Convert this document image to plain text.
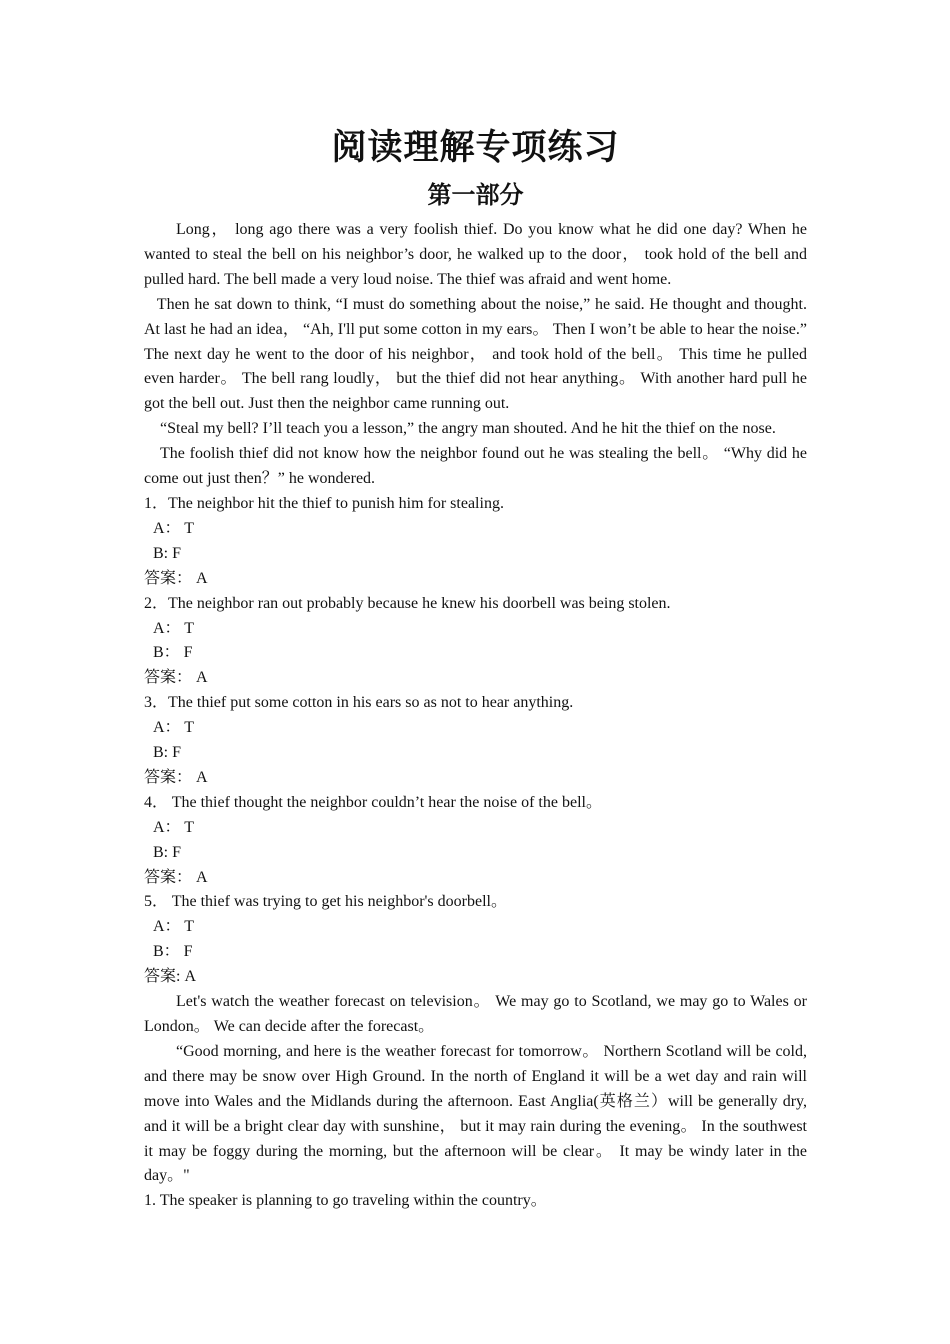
阅读理解专项练习
第一部分

Long， long ago there was a very foolish thief. Do you know what he did one day? When he wanted to steal the bell on his neighbor’s door, he walked up to the door， took hold of the bell and pulled hard. The bell made a very loud noise. The thief was afraid and went home.

Then he sat down to think, “I must do something about the noise,” he said. He thought and thought. At last he had an idea， “Ah, I'll put some cotton in my ears。 Then I won’t be able to hear the noise.” The next day he went to the door of his neighbor， and took hold of the bell。 This time he pulled even harder。 The bell rang loudly， but the thief did not hear anything。 With another hard pull he got the bell out. Just then the neighbor came running out.

“Steal my bell? I’ll teach you a lesson,” the angry man shouted. And he hit the thief on the nose.

The foolish thief did not know how the neighbor found out he was stealing the bell。 “Why did he come out just then？” he wondered.

1．The neighbor hit the thief to punish him for stealing.

A： T

B: F

答案： A

2．The neighbor ran out probably because he knew his doorbell was being stolen.

A： T

B： F

答案： A

3．The thief put some cotton in his ears so as not to hear anything.

A： T

B: F

答案： A

4． The thief thought the neighbor couldn’t hear the noise of the bell。

A： T

B: F

答案： A

5． The thief was trying to get his neighbor's doorbell。

A： T

B： F

答案: A

Let's watch the weather forecast on television。 We may go to Scotland, we may go to Wales or London。 We can decide after the forecast。

“Good morning, and here is the weather forecast for tomorrow。 Northern Scotland will be cold, and there may be snow over High Ground. In the north of England it will be a wet day and rain will move into Wales and the Midlands during the afternoon. East Anglia(英格兰）will be generally dry, and it will be a bright clear day with sunshine， but it may rain during the evening。 In the southwest it may be foggy during the morning, but the afternoon will be clear。 It may be windy later in the day。"

1. The speaker is planning to go traveling within the country。
